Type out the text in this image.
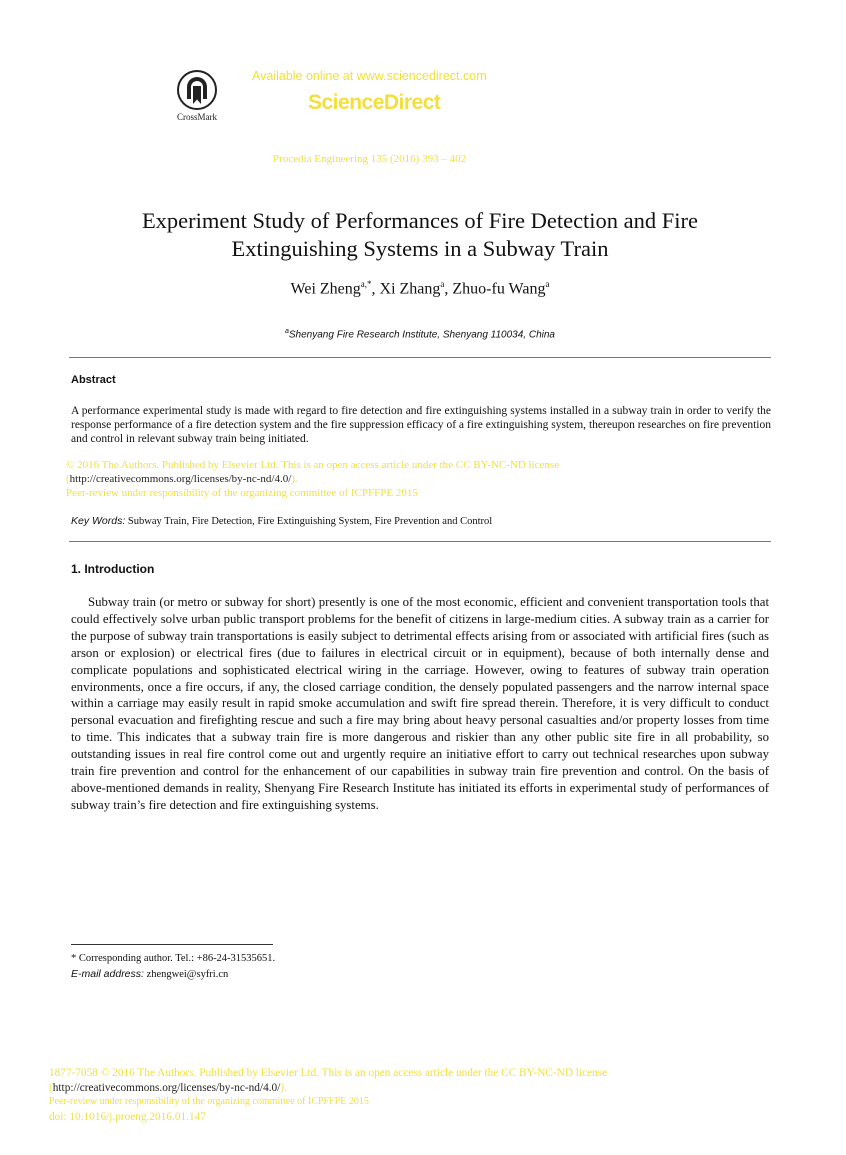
CrossMark
Available online at www.sciencedirect.com
ScienceDirect
Procedia Engineering 135 (2016) 393 – 402
Experiment Study of Performances of Fire Detection and Fire
Extinguishing Systems in a Subway Train
Wei Zheng$^{a,*}$, Xi Zhang$^a$, Zhuo-fu Wang$^a$
$^a$Shenyang Fire Research Institute, Shenyang 110034, China
Abstract
A performance experimental study is made with regard to fire detection and fire extinguishing systems installed in a subway train in order to verify the response performance of a fire detection system and the fire suppression efficacy of a fire extinguishing system, thereupon researches on fire prevention and control in relevant subway train being initiated.
© 2016 The Authors. Published by Elsevier Ltd. This is an open access article under the CC BY-NC-ND license
(http://creativecommons.org/licenses/by-nc-nd/4.0/).
Peer-review under responsibility of the organizing committee of ICPFFPE 2015
Key Words: Subway Train, Fire Detection, Fire Extinguishing System, Fire Prevention and Control
1. Introduction
Subway train (or metro or subway for short) presently is one of the most economic, efficient and convenient transportation tools that could effectively solve urban public transport problems for the benefit of citizens in large-medium cities. A subway train as a carrier for the purpose of subway train transportations is easily subject to detrimental effects arising from or associated with artificial fires (such as arson or explosion) or electrical fires (due to failures in electrical circuit or in equipment), because of both internally dense and complicate populations and sophisticated electrical wiring in the carriage. However, owing to features of subway train operation environments, once a fire occurs, if any, the closed carriage condition, the densely populated passengers and the narrow internal space within a carriage may easily result in rapid smoke accumulation and swift fire spread therein. Therefore, it is very difficult to conduct personal evacuation and firefighting rescue and such a fire may bring about heavy personal casualties and/or property losses from time to time. This indicates that a subway train fire is more dangerous and riskier than any other public site fire in all probability, so outstanding issues in real fire control come out and urgently require an initiative effort to carry out technical researches upon subway train fire prevention and control for the enhancement of our capabilities in subway train fire prevention and control. On the basis of above-mentioned demands in reality, Shenyang Fire Research Institute has initiated its efforts in experimental study of performances of subway train’s fire detection and fire extinguishing systems.
* Corresponding author. Tel.: +86-24-31535651.
E-mail address: zhengwei@syfri.cn
1877-7058 © 2016 The Authors. Published by Elsevier Ltd. This is an open access article under the CC BY-NC-ND license
(http://creativecommons.org/licenses/by-nc-nd/4.0/).
Peer-review under responsibility of the organizing committee of ICPFFPE 2015
doi: 10.1016/j.proeng.2016.01.147
